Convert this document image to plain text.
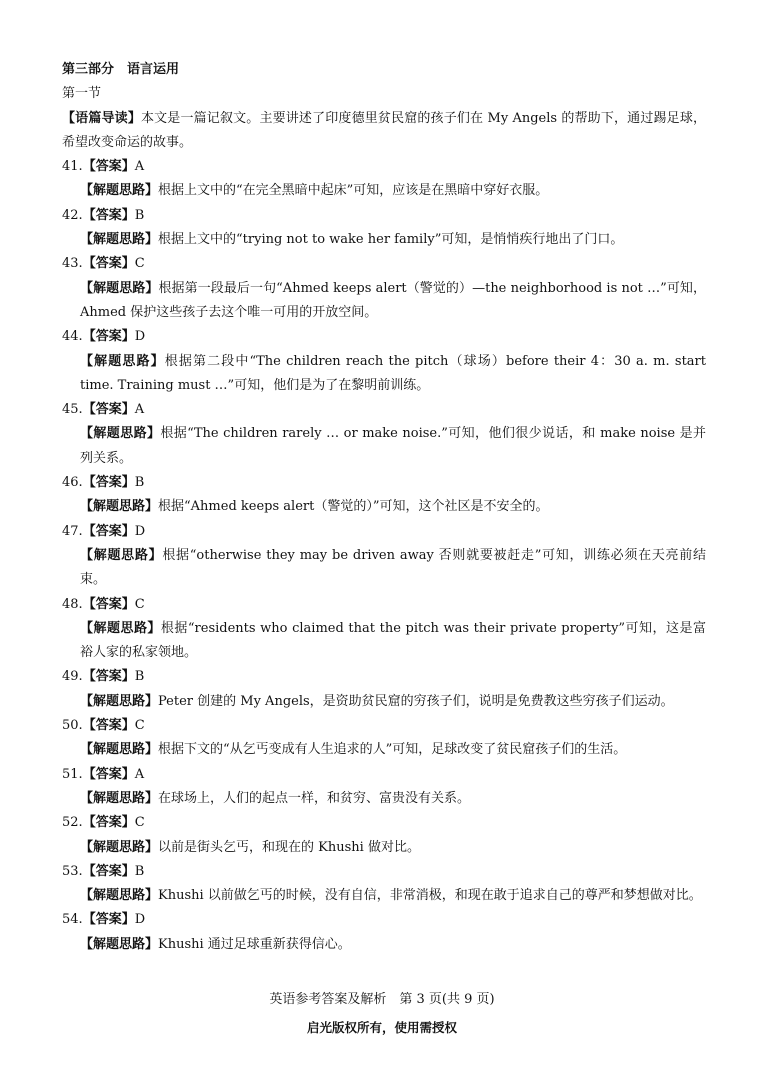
第三部分　语言运用
第一节
【语篇导读】本文是一篇记叙文。主要讲述了印度德里贫民窟的孩子们在 My Angels 的帮助下，通过踢足球，希望改变命运的故事。
41.【答案】A
【解题思路】根据上文中的“在完全黑暗中起床”可知，应该是在黑暗中穿好衣服。
42.【答案】B
【解题思路】根据上文中的“trying not to wake her family”可知，是悄悄疾行地出了门口。
43.【答案】C
【解题思路】根据第一段最后一句“Ahmed keeps alert（警觉的）—the neighborhood is not …”可知，Ahmed 保护这些孩子去这个唯一可用的开放空间。
44.【答案】D
【解题思路】根据第二段中“The children reach the pitch（球场）before their 4：30 a. m. start time. Training must …”可知，他们是为了在黎明前训练。
45.【答案】A
【解题思路】根据“The children rarely … or make noise.”可知，他们很少说话，和 make noise 是并列关系。
46.【答案】B
【解题思路】根据“Ahmed keeps alert（警觉的）”可知，这个社区是不安全的。
47.【答案】D
【解题思路】根据“otherwise they may be driven away 否则就要被赶走”可知，训练必须在天亮前结束。
48.【答案】C
【解题思路】根据“residents who claimed that the pitch was their private property”可知，这是富裕人家的私家领地。
49.【答案】B
【解题思路】Peter 创建的 My Angels，是资助贫民窟的穷孩子们，说明是免费教这些穷孩子们运动。
50.【答案】C
【解题思路】根据下文的“从乞丐变成有人生追求的人”可知，足球改变了贫民窟孩子们的生活。
51.【答案】A
【解题思路】在球场上，人们的起点一样，和贫穷、富贵没有关系。
52.【答案】C
【解题思路】以前是街头乞丐，和现在的 Khushi 做对比。
53.【答案】B
【解题思路】Khushi 以前做乞丐的时候，没有自信，非常消极，和现在敢于追求自己的尊严和梦想做对比。
54.【答案】D
【解题思路】Khushi 通过足球重新获得信心。
英语参考答案及解析　第 3 页(共 9 页)
启光版权所有，使用需授权
